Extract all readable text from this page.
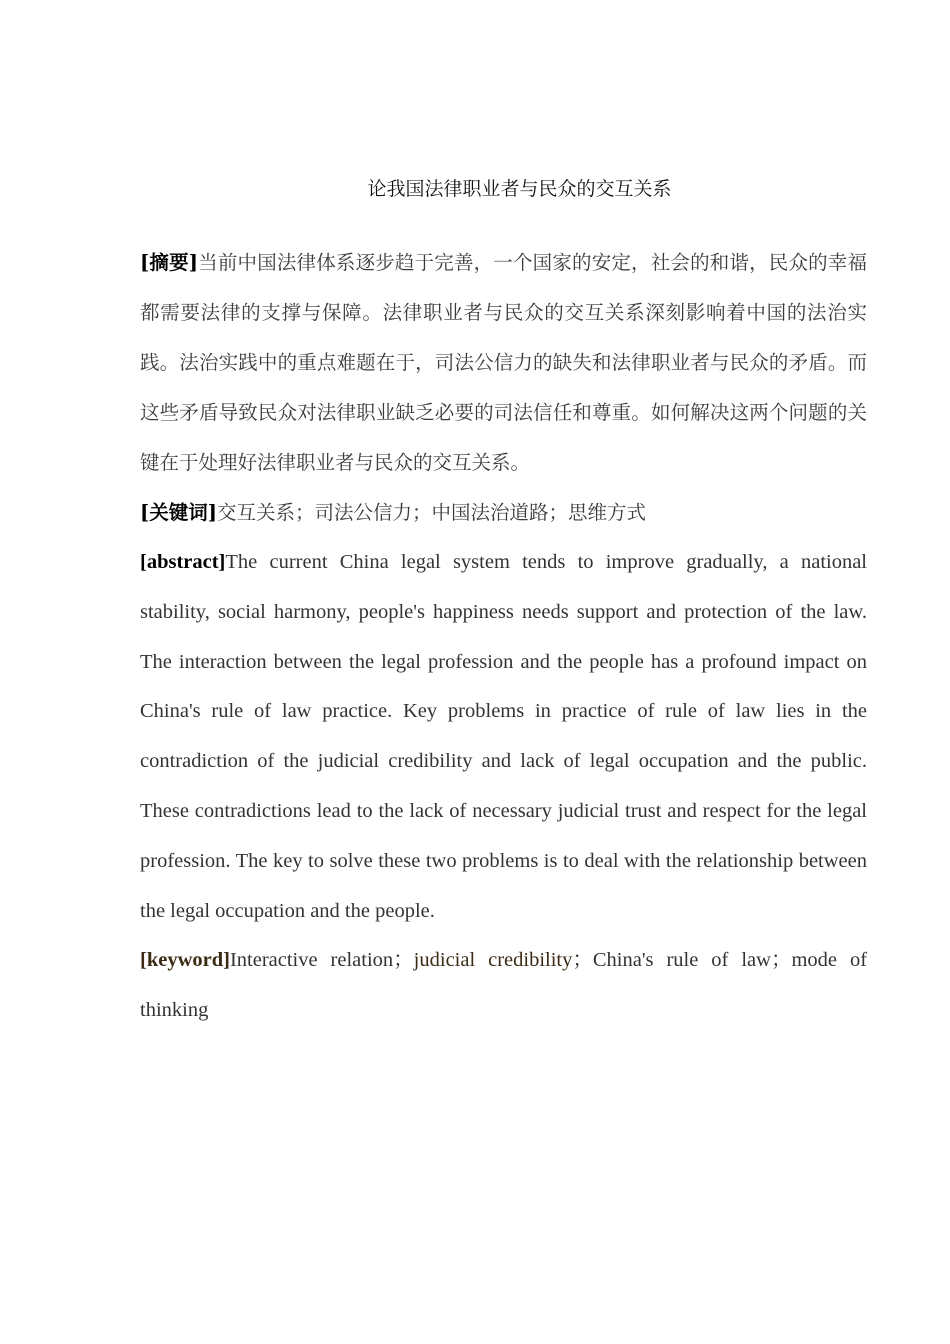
论我国法律职业者与民众的交互关系

[摘要]当前中国法律体系逐步趋于完善，一个国家的安定，社会的和谐，民众的幸福都需要法律的支撑与保障。法律职业者与民众的交互关系深刻影响着中国的法治实践。法治实践中的重点难题在于，司法公信力的缺失和法律职业者与民众的矛盾。而这些矛盾导致民众对法律职业缺乏必要的司法信任和尊重。如何解决这两个问题的关键在于处理好法律职业者与民众的交互关系。

[关键词]交互关系；司法公信力；中国法治道路；思维方式

[abstract]The current China legal system tends to improve gradually, a national stability, social harmony, people's happiness needs support and protection of the law. The interaction between the legal profession and the people has a profound impact on China's rule of law practice. Key problems in practice of rule of law lies in the contradiction of the judicial credibility and lack of legal occupation and the public. These contradictions lead to the lack of necessary judicial trust and respect for the legal profession. The key to solve these two problems is to deal with the relationship between the legal occupation and the people.

[keyword]Interactive relation；judicial credibility；China's rule of law；mode of thinking
